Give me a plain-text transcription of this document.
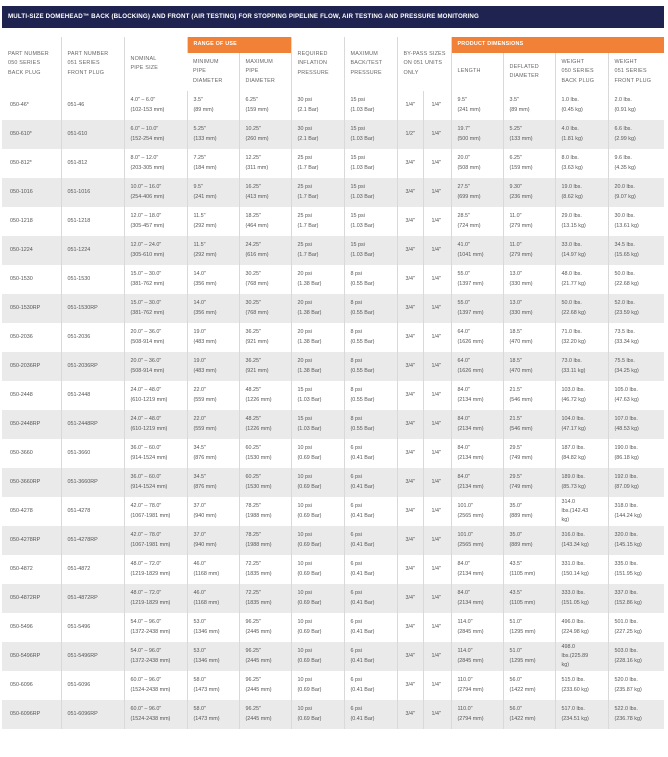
MULTI-SIZE DOMEHEAD™ BACK (BLOCKING) AND FRONT (AIR TESTING) FOR STOPPING PIPELINE FLOW, AIR TESTING AND PRESSURE MONITORING
PART NUMBER
050 SERIES
BACK PLUG	PART NUMBER
051 SERIES
FRONT PLUG	NOMINAL
PIPE SIZE	RANGE OF USE		REQUIRED
INFLATION
PRESSURE	MAXIMUM
BACK/TEST
PRESSURE	BY-PASS SIZES
ON 051 UNITS
ONLY		PRODUCT DIMENSIONS			

			MINIMUM
PIPE
DIAMETER	MAXIMUM
PIPE
DIAMETER					LENGTH	DEFLATED
DIAMETER	WEIGHT
050 SERIES
BACK PLUG	WEIGHT
051 SERIES
FRONT PLUG

050-46*	051-46	4.0" – 6.0"
(102-153 mm)	3.5"
(89 mm)	6.25"
(159 mm)	30 psi
(2.1 Bar)	15 psi
(1.03 Bar)	1/4"	1/4"	9.5"
(241 mm)	3.5"
(89 mm)	1.0 lbs.
(0.45 kg)	2.0 lbs.
(0.91 kg)

050-610*	051-610	6.0" – 10.0"
(152-254 mm)	5.25"
(133 mm)	10.25"
(260 mm)	30 psi
(2.1 Bar)	15 psi
(1.03 Bar)	1/2"	1/4"	19.7"
(500 mm)	5.25"
(133 mm)	4.0 lbs.
(1.81 kg)	6.6 lbs.
(2.99 kg)

050-812*	051-812	8.0" – 12.0"
(203-305 mm)	7.25"
(184 mm)	12.25"
(311 mm)	25 psi
(1.7 Bar)	15 psi
(1.03 Bar)	3/4"	1/4"	20.0"
(508 mm)	6.25"
(159 mm)	8.0 lbs.
(3.63 kg)	9.6 lbs.
(4.35 kg)

050-1016	051-1016	10.0" – 16.0"
(254-406 mm)	9.5"
(241 mm)	16.25"
(413 mm)	25 psi
(1.7 Bar)	15 psi
(1.03 Bar)	3/4"	1/4"	27.5"
(699 mm)	9.30"
(236 mm)	19.0 lbs.
(8.62 kg)	20.0 lbs.
(9.07 kg)

050-1218	051-1218	12.0" – 18.0"
(305-457 mm)	11.5"
(292 mm)	18.25"
(464 mm)	25 psi
(1.7 Bar)	15 psi
(1.03 Bar)	3/4"	1/4"	28.5"
(724 mm)	11.0"
(279 mm)	29.0 lbs.
(13.15 kg)	30.0 lbs.
(13.61 kg)

050-1224	051-1224	12.0" – 24.0"
(305-610 mm)	11.5"
(292 mm)	24.25"
(616 mm)	25 psi
(1.7 Bar)	15 psi
(1.03 Bar)	3/4"	1/4"	41.0"
(1041 mm)	11.0"
(279 mm)	33.0 lbs.
(14.97 kg)	34.5 lbs.
(15.65 kg)

050-1530	051-1530	15.0" – 30.0"
(381-762 mm)	14.0"
(356 mm)	30.25"
(768 mm)	20 psi
(1.38 Bar)	8 psi
(0.55 Bar)	3/4"	1/4"	55.0"
(1397 mm)	13.0"
(330 mm)	48.0 lbs.
(21.77 kg)	50.0 lbs.
(22.68 kg)

050-1530RP	051-1530RP	15.0" – 30.0"
(381-762 mm)	14.0"
(356 mm)	30.25"
(768 mm)	20 psi
(1.38 Bar)	8 psi
(0.55 Bar)	3/4"	1/4"	55.0"
(1397 mm)	13.0"
(330 mm)	50.0 lbs.
(22.68 kg)	52.0 lbs.
(23.59 kg)

050-2036	051-2036	20.0" – 36.0"
(508-914 mm)	19.0"
(483 mm)	36.25"
(921 mm)	20 psi
(1.38 Bar)	8 psi
(0.55 Bar)	3/4"	1/4"	64.0"
(1626 mm)	18.5"
(470 mm)	71.0 lbs.
(32.20 kg)	73.5 lbs.
(33.34 kg)

050-2036RP	051-2036RP	20.0" – 36.0"
(508-914 mm)	19.0"
(483 mm)	36.25"
(921 mm)	20 psi
(1.38 Bar)	8 psi
(0.55 Bar)	3/4"	1/4"	64.0"
(1626 mm)	18.5"
(470 mm)	73.0 lbs.
(33.11 kg)	75.5 lbs.
(34.25 kg)

050-2448	051-2448	24.0" – 48.0"
(610-1219 mm)	22.0"
(559 mm)	48.25"
(1226 mm)	15 psi
(1.03 Bar)	8 psi
(0.55 Bar)	3/4"	1/4"	84.0"
(2134 mm)	21.5"
(546 mm)	103.0 lbs.
(46.72 kg)	105.0 lbs.
(47.63 kg)

050-2448RP	051-2448RP	24.0" – 48.0"
(610-1219 mm)	22.0"
(559 mm)	48.25"
(1226 mm)	15 psi
(1.03 Bar)	8 psi
(0.55 Bar)	3/4"	1/4"	84.0"
(2134 mm)	21.5"
(546 mm)	104.0 lbs.
(47.17 kg)	107.0 lbs.
(48.53 kg)

050-3660	051-3660	36.0" – 60.0"
(914-1524 mm)	34.5"
(876 mm)	60.25"
(1530 mm)	10 psi
(0.69 Bar)	6 psi
(0.41 Bar)	3/4"	1/4"	84.0"
(2134 mm)	29.5"
(749 mm)	187.0 lbs.
(84.82 kg)	190.0 lbs.
(86.18 kg)

050-3660RP	051-3660RP	36.0" – 60.0"
(914-1524 mm)	34.5"
(876 mm)	60.25"
(1530 mm)	10 psi
(0.69 Bar)	6 psi
(0.41 Bar)	3/4"	1/4"	84.0"
(2134 mm)	29.5"
(749 mm)	189.0 lbs.
(85.73 kg)	192.0 lbs.
(87.09 kg)

050-4278	051-4278	42.0" – 78.0"
(1067-1981 mm)	37.0"
(940 mm)	78.25"
(1988 mm)	10 psi
(0.69 Bar)	6 psi
(0.41 Bar)	3/4"	1/4"	101.0"
(2565 mm)	35.0"
(889 mm)	314.0
lbs.(142.43
kg)	318.0 lbs.
(144.24 kg)

050-4278RP	051-4278RP	42.0" – 78.0"
(1067-1981 mm)	37.0"
(940 mm)	78.25"
(1988 mm)	10 psi
(0.69 Bar)	6 psi
(0.41 Bar)	3/4"	1/4"	101.0"
(2565 mm)	35.0"
(889 mm)	316.0 lbs.
(143.34 kg)	320.0 lbs.
(145.15 kg)

050-4872	051-4872	48.0" – 72.0"
(1219-1829 mm)	46.0"
(1168 mm)	72.25"
(1835 mm)	10 psi
(0.69 Bar)	6 psi
(0.41 Bar)	3/4"	1/4"	84.0"
(2134 mm)	43.5"
(1105 mm)	331.0 lbs.
(150.14 kg)	335.0 lbs.
(151.95 kg)

050-4872RP	051-4872RP	48.0" – 72.0"
(1219-1829 mm)	46.0"
(1168 mm)	72.25"
(1835 mm)	10 psi
(0.69 Bar)	6 psi
(0.41 Bar)	3/4"	1/4"	84.0"
(2134 mm)	43.5"
(1105 mm)	333.0 lbs.
(151.05 kg)	337.0 lbs.
(152.86 kg)

050-5496	051-5496	54.0" – 96.0"
(1372-2438 mm)	53.0"
(1346 mm)	96.25"
(2445 mm)	10 psi
(0.69 Bar)	6 psi
(0.41 Bar)	3/4"	1/4"	114.0"
(2845 mm)	51.0"
(1295 mm)	496.0 lbs.
(224.98 kg)	501.0 lbs.
(227.25 kg)

050-5496RP	051-5496RP	54.0" – 96.0"
(1372-2438 mm)	53.0"
(1346 mm)	96.25"
(2445 mm)	10 psi
(0.69 Bar)	6 psi
(0.41 Bar)	3/4"	1/4"	114.0"
(2845 mm)	51.0"
(1295 mm)	498.0
lbs.(225.89
kg)	503.0 lbs.
(228.16 kg)

050-6096	051-6096	60.0" – 96.0"
(1524-2438 mm)	58.0"
(1473 mm)	96.25"
(2445 mm)	10 psi
(0.69 Bar)	6 psi
(0.41 Bar)	3/4"	1/4"	110.0"
(2794 mm)	56.0"
(1422 mm)	515.0 lbs.
(233.60 kg)	520.0 lbs.
(235.87 kg)

050-6096RP	051-6096RP	60.0" – 96.0"
(1524-2438 mm)	58.0"
(1473 mm)	96.25"
(2445 mm)	10 psi
(0.69 Bar)	6 psi
(0.41 Bar)	3/4"	1/4"	110.0"
(2794 mm)	56.0"
(1422 mm)	517.0 lbs.
(234.51 kg)	522.0 lbs.
(236.78 kg)
